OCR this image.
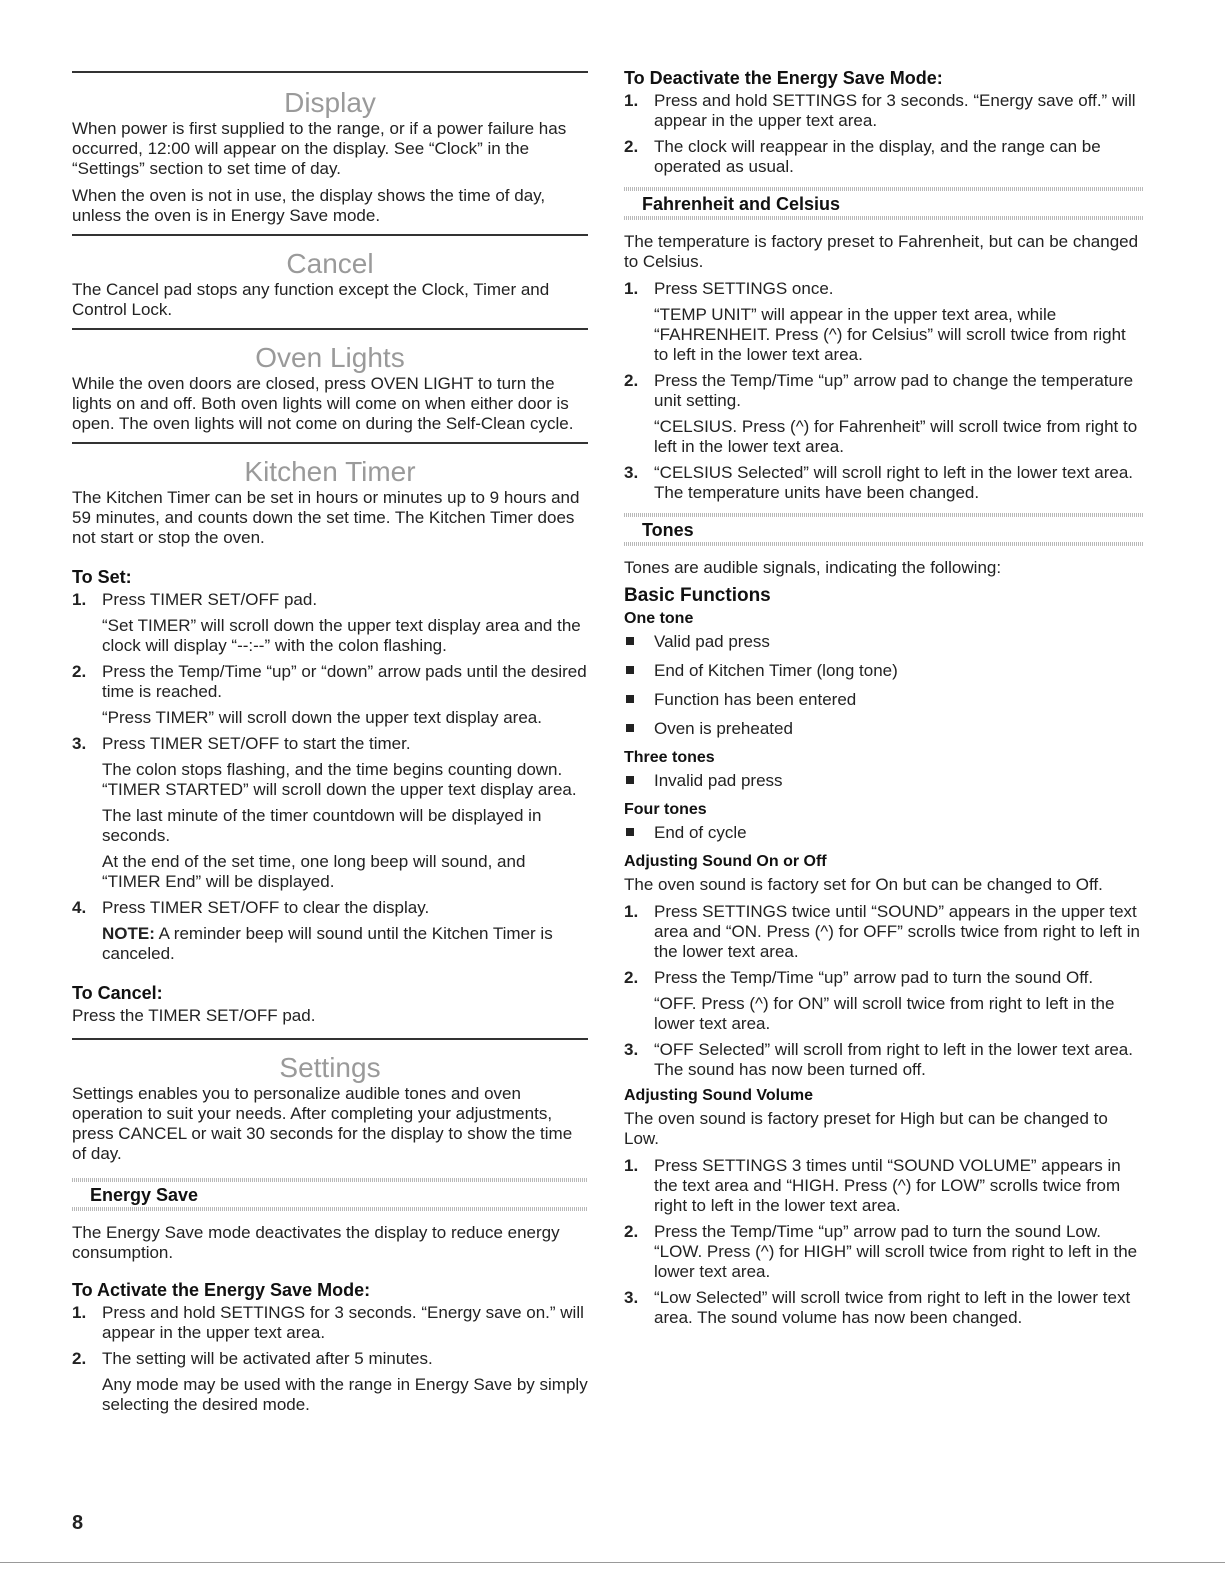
Display

When power is first supplied to the range, or if a power failure has occurred, 12:00 will appear on the display. See “Clock” in the “Settings” section to set time of day.

When the oven is not in use, the display shows the time of day, unless the oven is in Energy Save mode.

Cancel

The Cancel pad stops any function except the Clock, Timer and Control Lock.

Oven Lights

While the oven doors are closed, press OVEN LIGHT to turn the lights on and off. Both oven lights will come on when either door is open. The oven lights will not come on during the Self-Clean cycle.

Kitchen Timer

The Kitchen Timer can be set in hours or minutes up to 9 hours and 59 minutes, and counts down the set time. The Kitchen Timer does not start or stop the oven.

To Set:
1. Press TIMER SET/OFF pad.
“Set TIMER” will scroll down the upper text display area and the clock will display “--:--” with the colon flashing.
2. Press the Temp/Time “up” or “down” arrow pads until the desired time is reached.
“Press TIMER” will scroll down the upper text display area.
3. Press TIMER SET/OFF to start the timer.
The colon stops flashing, and the time begins counting down. “TIMER STARTED” will scroll down the upper text display area.
The last minute of the timer countdown will be displayed in seconds.
At the end of the set time, one long beep will sound, and “TIMER End” will be displayed.
4. Press TIMER SET/OFF to clear the display.

NOTE: A reminder beep will sound until the Kitchen Timer is canceled.

To Cancel:

Press the TIMER SET/OFF pad.

Settings

Settings enables you to personalize audible tones and oven operation to suit your needs. After completing your adjustments, press CANCEL or wait 30 seconds for the display to show the time of day.

Energy Save

The Energy Save mode deactivates the display to reduce energy consumption.

To Activate the Energy Save Mode:
1. Press and hold SETTINGS for 3 seconds. “Energy save on.” will appear in the upper text area.
2. The setting will be activated after 5 minutes.
Any mode may be used with the range in Energy Save by simply selecting the desired mode.
To Deactivate the Energy Save Mode:
1. Press and hold SETTINGS for 3 seconds. “Energy save off.” will appear in the upper text area.
2. The clock will reappear in the display, and the range can be operated as usual.
Fahrenheit and Celsius

The temperature is factory preset to Fahrenheit, but can be changed to Celsius.

1. Press SETTINGS once.
“TEMP UNIT” will appear in the upper text area, while “FAHRENHEIT. Press (^) for Celsius” will scroll twice from right to left in the lower text area.
2. Press the Temp/Time “up” arrow pad to change the temperature unit setting.
“CELSIUS. Press (^) for Fahrenheit” will scroll twice from right to left in the lower text area.
3. “CELSIUS Selected” will scroll right to left in the lower text area. The temperature units have been changed.
Tones

Tones are audible signals, indicating the following:

Basic Functions
One tone
Valid pad press
End of Kitchen Timer (long tone)
Function has been entered
Oven is preheated
Three tones
Invalid pad press
Four tones
End of cycle
Adjusting Sound On or Off

The oven sound is factory set for On but can be changed to Off.

1. Press SETTINGS twice until “SOUND” appears in the upper text area and “ON. Press (^) for OFF” scrolls twice from right to left in the lower text area.
2. Press the Temp/Time “up” arrow pad to turn the sound Off.
“OFF. Press (^) for ON” will scroll twice from right to left in the lower text area.
3. “OFF Selected” will scroll from right to left in the lower text area. The sound has now been turned off.
Adjusting Sound Volume

The oven sound is factory preset for High but can be changed to Low.

1. Press SETTINGS 3 times until “SOUND VOLUME” appears in the text area and “HIGH. Press (^) for LOW” scrolls twice from right to left in the lower text area.
2. Press the Temp/Time “up” arrow pad to turn the sound Low. “LOW. Press (^) for HIGH” will scroll twice from right to left in the lower text area.
3. “Low Selected” will scroll twice from right to left in the lower text area. The sound volume has now been changed.
8
